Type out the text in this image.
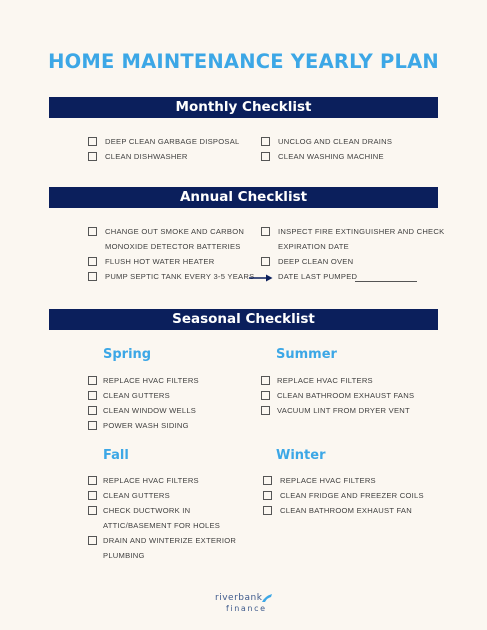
HOME MAINTENANCE YEARLY PLAN
Monthly Checklist
DEEP CLEAN GARBAGE DISPOSAL
CLEAN DISHWASHER
UNCLOG AND CLEAN DRAINS
CLEAN WASHING MACHINE
Annual Checklist
CHANGE OUT SMOKE AND CARBON
MONOXIDE DETECTOR BATTERIES
FLUSH HOT WATER HEATER
PUMP SEPTIC TANK EVERY 3-5 YEARS
INSPECT FIRE EXTINGUISHER AND CHECK
EXPIRATION DATE
DEEP CLEAN OVEN
DATE LAST PUMPED
Seasonal Checklist
Spring
REPLACE HVAC FILTERS
CLEAN GUTTERS
CLEAN WINDOW WELLS
POWER WASH SIDING
Summer
REPLACE HVAC FILTERS
CLEAN BATHROOM EXHAUST FANS
VACUUM LINT FROM DRYER VENT
Fall
REPLACE HVAC FILTERS
CLEAN GUTTERS
CHECK DUCTWORK IN
ATTIC/BASEMENT FOR HOLES
DRAIN AND WINTERIZE EXTERIOR
PLUMBING
Winter
REPLACE HVAC FILTERS
CLEAN FRIDGE AND FREEZER COILS
CLEAN BATHROOM EXHAUST FAN
riverbank
finance
